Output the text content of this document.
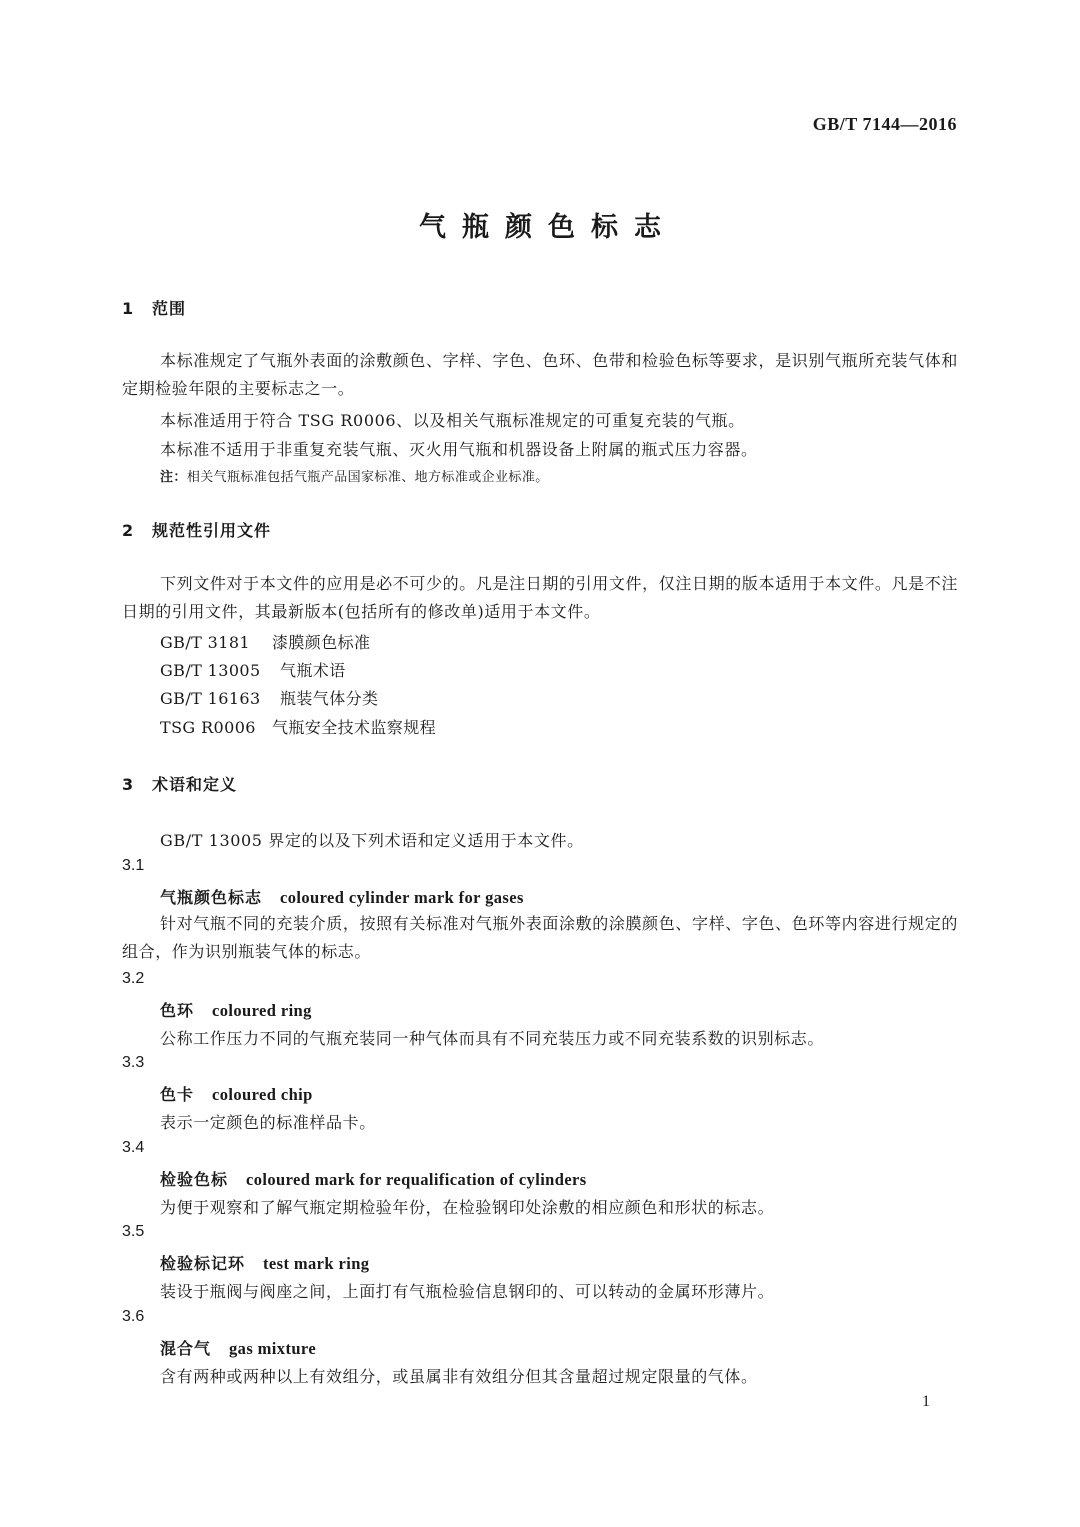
GB/T 7144—2016
气瓶颜色标志
1 范围
本标准规定了气瓶外表面的涂敷颜色、字样、字色、色环、色带和检验色标等要求，是识别气瓶所充装气体和定期检验年限的主要标志之一。
本标准适用于符合 TSG R0006、以及相关气瓶标准规定的可重复充装的气瓶。
本标准不适用于非重复充装气瓶、灭火用气瓶和机器设备上附属的瓶式压力容器。
注：相关气瓶标准包括气瓶产品国家标准、地方标准或企业标准。
2 规范性引用文件
下列文件对于本文件的应用是必不可少的。凡是注日期的引用文件，仅注日期的版本适用于本文件。凡是不注日期的引用文件，其最新版本(包括所有的修改单)适用于本文件。
GB/T 3181 漆膜颜色标准
GB/T 13005 气瓶术语
GB/T 16163 瓶装气体分类
TSG R0006 气瓶安全技术监察规程
3 术语和定义
GB/T 13005 界定的以及下列术语和定义适用于本文件。
3.1
气瓶颜色标志 coloured cylinder mark for gases
针对气瓶不同的充装介质，按照有关标准对气瓶外表面涂敷的涂膜颜色、字样、字色、色环等内容进行规定的组合，作为识别瓶装气体的标志。
3.2
色环 coloured ring
公称工作压力不同的气瓶充装同一种气体而具有不同充装压力或不同充装系数的识别标志。
3.3
色卡 coloured chip
表示一定颜色的标准样品卡。
3.4
检验色标 coloured mark for requalification of cylinders
为便于观察和了解气瓶定期检验年份，在检验钢印处涂敷的相应颜色和形状的标志。
3.5
检验标记环 test mark ring
装设于瓶阀与阀座之间，上面打有气瓶检验信息钢印的、可以转动的金属环形薄片。
3.6
混合气 gas mixture
含有两种或两种以上有效组分，或虽属非有效组分但其含量超过规定限量的气体。
1
